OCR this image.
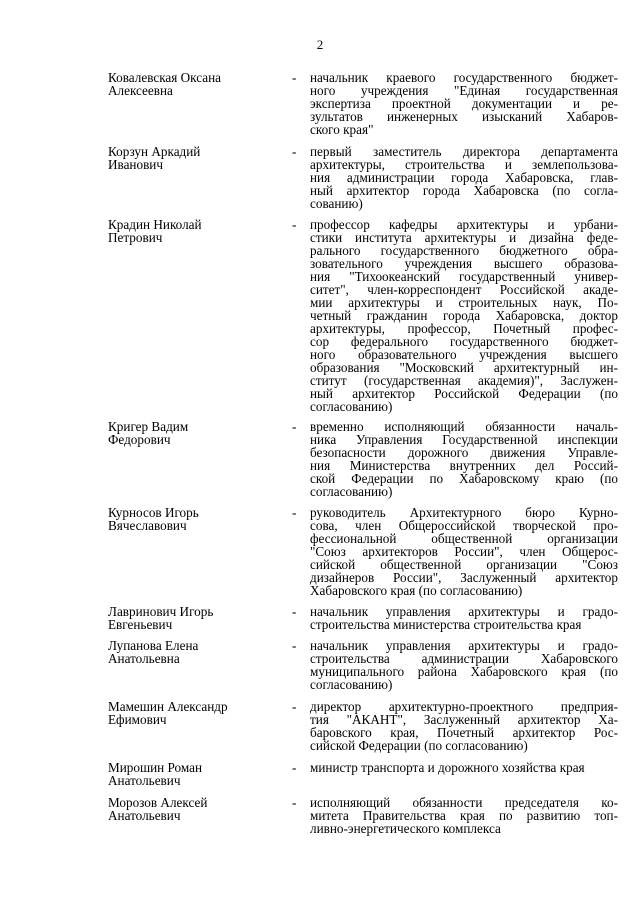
2
Ковалевская Оксана
Алексеевна
- начальник краевого государственного бюджет-
ного учреждения "Единая государственная
экспертиза проектной документации и ре-
зультатов инженерных изысканий Хабаров-
ского края"
Корзун Аркадий
Иванович
- первый заместитель директора департамента
архитектуры, строительства и землепользова-
ния администрации города Хабаровска, глав-
ный архитектор города Хабаровска (по согла-
сованию)
Крадин Николай
Петрович
- профессор кафедры архитектуры и урбани-
стики института архитектуры и дизайна феде-
рального государственного бюджетного обра-
зовательного учреждения высшего образова-
ния "Тихоокеанский государственный универ-
ситет", член-корреспондент Российской акаде-
мии архитектуры и строительных наук, По-
четный гражданин города Хабаровска, доктор
архитектуры, профессор, Почетный профес-
сор федерального государственного бюджет-
ного образовательного учреждения высшего
образования "Московский архитектурный ин-
ститут (государственная академия)", Заслужен-
ный архитектор Российской Федерации (по
согласованию)
Кригер Вадим
Федорович
- временно исполняющий обязанности началь-
ника Управления Государственной инспекции
безопасности дорожного движения Управле-
ния Министерства внутренних дел Россий-
ской Федерации по Хабаровскому краю (по
согласованию)
Курносов Игорь
Вячеславович
- руководитель Архитектурного бюро Курно-
сова, член Общероссийской творческой про-
фессиональной общественной организации
"Союз архитекторов России", член Общерос-
сийской общественной организации "Союз
дизайнеров России", Заслуженный архитектор
Хабаровского края (по согласованию)
Лавринович Игорь
Евгеньевич
- начальник управления архитектуры и градо-
строительства министерства строительства края
Лупанова Елена
Анатольевна
- начальник управления архитектуры и градо-
строительства администрации Хабаровского
муниципального района Хабаровского края (по
согласованию)
Мамешин Александр
Ефимович
- директор архитектурно-проектного предприя-
тия "АКАНТ", Заслуженный архитектор Ха-
баровского края, Почетный архитектор Рос-
сийской Федерации (по согласованию)
Мирошин Роман
Анатольевич
- министр транспорта и дорожного хозяйства края
Морозов Алексей
Анатольевич
- исполняющий обязанности председателя ко-
митета Правительства края по развитию топ-
ливно-энергетического комплекса
